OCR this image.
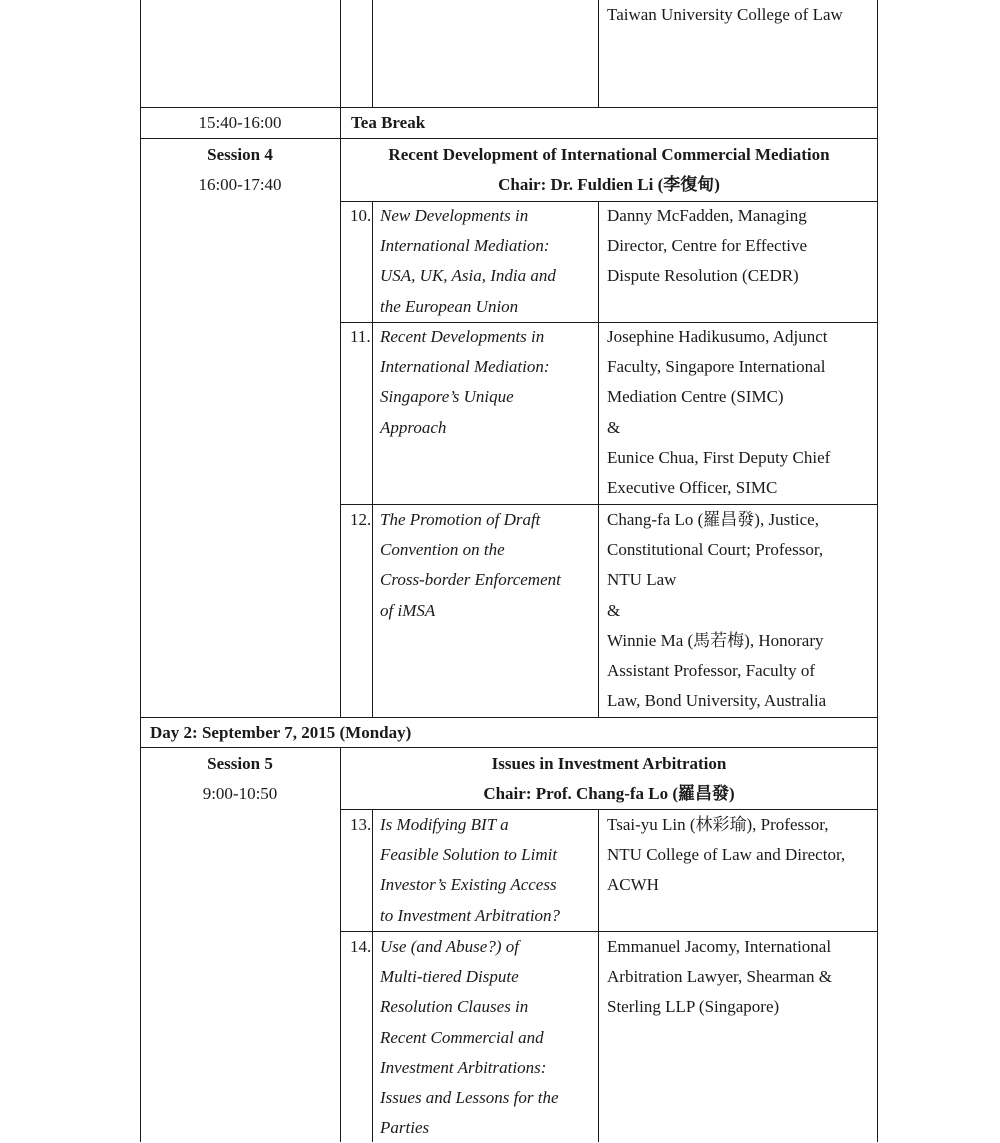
Taiwan University College of Law
15:40-16:00	Tea Break
Session 4
16:00-17:40
Recent Development of International Commercial Mediation
Chair: Dr. Fuldien Li (李復甸)
10. New Developments in
International Mediation:
USA, UK, Asia, India and
the European Union
Danny McFadden, Managing
Director, Centre for Effective
Dispute Resolution (CEDR)
11. Recent Developments in
International Mediation:
Singapore’s Unique
Approach
Josephine Hadikusumo, Adjunct
Faculty, Singapore International
Mediation Centre (SIMC)
&
Eunice Chua, First Deputy Chief
Executive Officer, SIMC
12. The Promotion of Draft
Convention on the
Cross-border Enforcement
of iMSA
Chang-fa Lo (羅昌發), Justice,
Constitutional Court; Professor,
NTU Law
&
Winnie Ma (馬若梅), Honorary
Assistant Professor, Faculty of
Law, Bond University, Australia
Day 2: September 7, 2015 (Monday)
Session 5
9:00-10:50
Issues in Investment Arbitration
Chair: Prof. Chang-fa Lo (羅昌發)
13. Is Modifying BIT a
Feasible Solution to Limit
Investor’s Existing Access
to Investment Arbitration?
Tsai-yu Lin (林彩瑜), Professor,
NTU College of Law and Director,
ACWH
14. Use (and Abuse?) of
Multi-tiered Dispute
Resolution Clauses in
Recent Commercial and
Investment Arbitrations:
Issues and Lessons for the
Parties
Emmanuel Jacomy, International
Arbitration Lawyer, Shearman &
Sterling LLP (Singapore)
